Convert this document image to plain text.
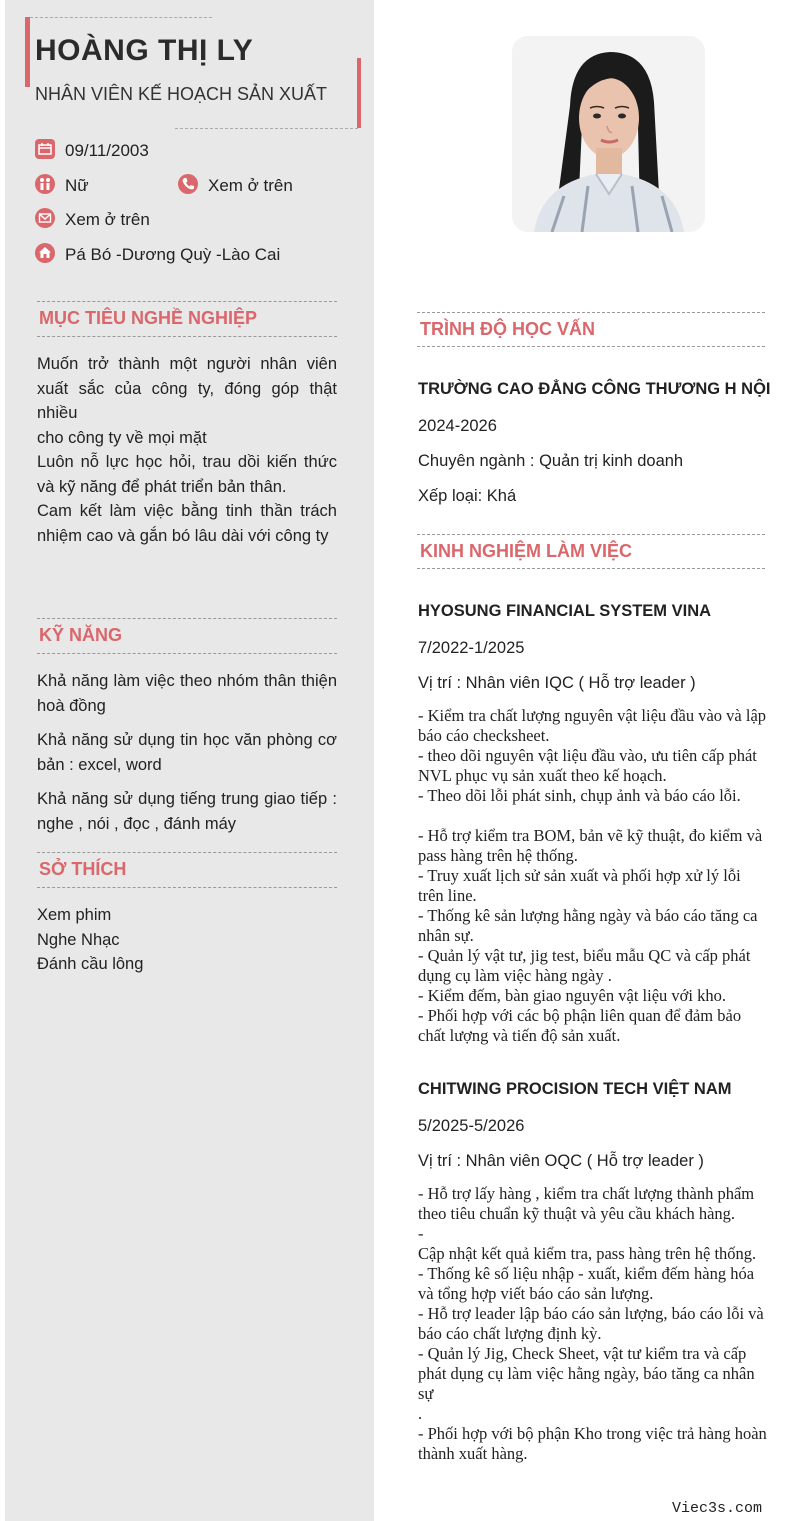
HOÀNG THỊ LY
NHÂN VIÊN KẾ HOẠCH SẢN XUẤT
09/11/2003
Nữ	Xem ở trên
Xem ở trên
Pá Bó -Dương Quỳ -Lào Cai
MỤC TIÊU NGHỀ NGHIỆP
Muốn trở thành một người nhân viên xuất sắc của công ty, đóng góp thật nhiều
cho công ty về mọi mặt
Luôn nỗ lực học hỏi, trau dồi kiến thức và kỹ năng để phát triển bản thân.
Cam kết làm việc bằng tinh thần trách nhiệm cao và gắn bó lâu dài với công ty
KỸ NĂNG
Khả năng làm việc theo nhóm thân thiện hoà đồng
Khả năng sử dụng tin học văn phòng cơ bản : excel, word
Khả năng sử dụng tiếng trung giao tiếp : nghe , nói , đọc , đánh máy
SỞ THÍCH
Xem phim
Nghe Nhạc
Đánh cầu lông
TRÌNH ĐỘ HỌC VẤN
TRƯỜNG CAO ĐẲNG CÔNG THƯƠNG H NỘI
2024-2026
Chuyên ngành : Quản trị kinh doanh
Xếp loại: Khá
KINH NGHIỆM LÀM VIỆC
HYOSUNG FINANCIAL SYSTEM VINA
7/2022-1/2025
Vị trí : Nhân viên IQC ( Hỗ trợ leader )
- Kiểm tra chất lượng nguyên vật liệu đầu vào và lập báo cáo checksheet.
- theo dõi nguyên vật liệu đầu vào, ưu tiên cấp phát NVL phục vụ sản xuất theo kế hoạch.
- Theo dõi lỗi phát sinh, chụp ảnh và báo cáo lỗi.

- Hỗ trợ kiểm tra BOM, bản vẽ kỹ thuật, đo kiểm và pass hàng trên hệ thống.
- Truy xuất lịch sử sản xuất và phối hợp xử lý lỗi trên line.
- Thống kê sản lượng hằng ngày và báo cáo tăng ca nhân sự.
- Quản lý vật tư, jig test, biểu mẫu QC và cấp phát dụng cụ làm việc hàng ngày .
- Kiểm đếm, bàn giao nguyên vật liệu với kho.
- Phối hợp với các bộ phận liên quan để đảm bảo chất lượng và tiến độ sản xuất.
CHITWING PROCISION TECH VIỆT NAM
5/2025-5/2026
Vị trí : Nhân viên OQC ( Hỗ trợ leader )
- Hỗ trợ lấy hàng , kiểm tra chất lượng thành phẩm theo tiêu chuẩn kỹ thuật và yêu cầu khách hàng.
-
Cập nhật kết quả kiểm tra, pass hàng trên hệ thống.
- Thống kê số liệu nhập - xuất, kiểm đếm hàng hóa và tổng hợp viết báo cáo sản lượng.
- Hỗ trợ leader lập báo cáo sản lượng, báo cáo lỗi và báo cáo chất lượng định kỳ.
- Quản lý Jig, Check Sheet, vật tư kiểm tra và cấp phát dụng cụ làm việc hằng ngày, báo tăng ca nhân sự
.
- Phối hợp với bộ phận Kho trong việc trả hàng hoàn thành xuất hàng.
Viec3s.com
